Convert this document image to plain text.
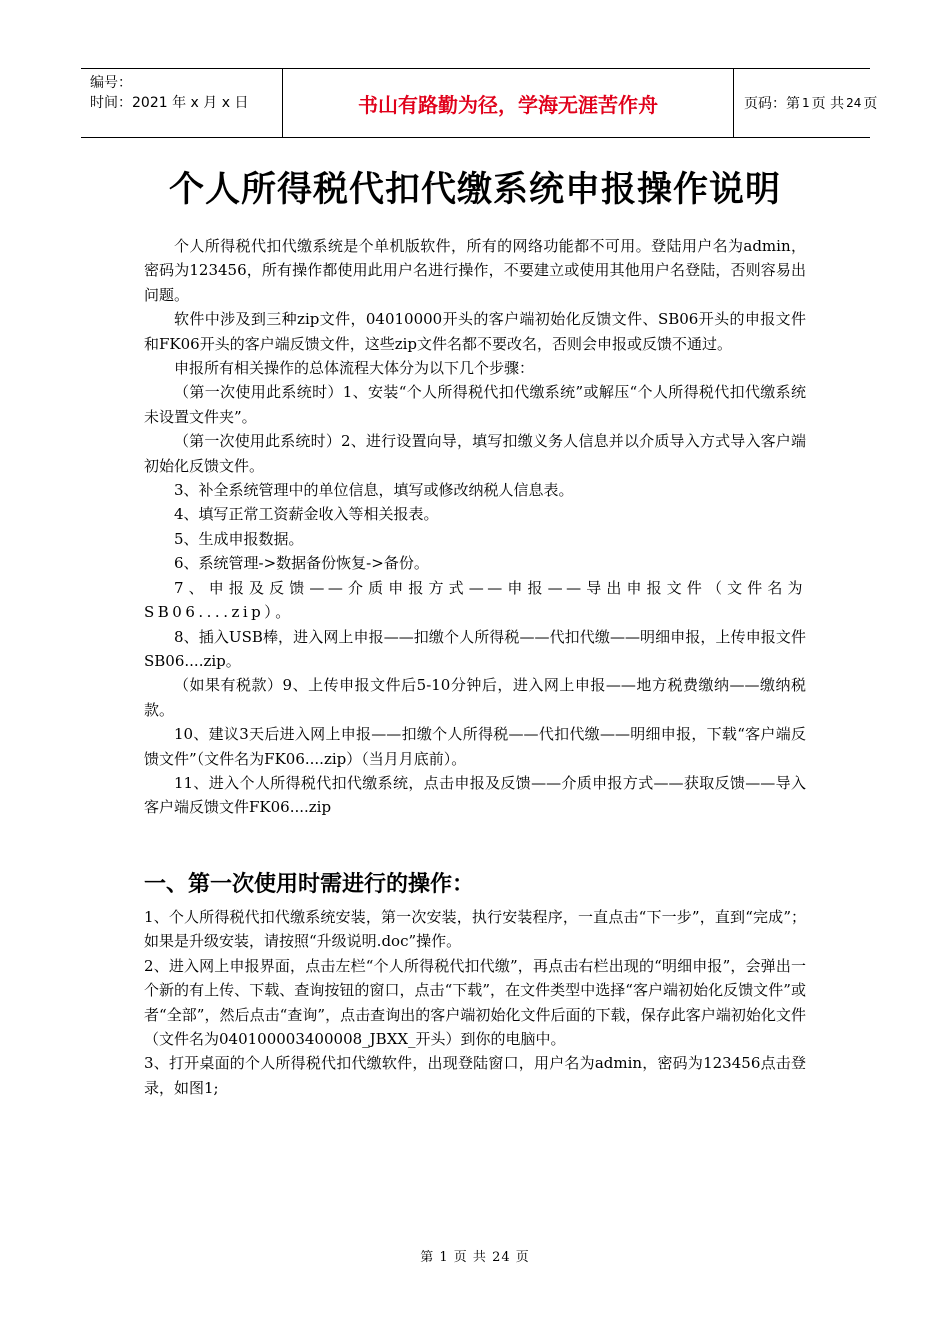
编号：
时间：2021 年 x 月 x 日	书山有路勤为径，学海无涯苦作舟	页码：第 1 页 共 24 页
个人所得税代扣代缴系统申报操作说明

个人所得税代扣代缴系统是个单机版软件，所有的网络功能都不可用。登陆用户名为admin，密码为123456，所有操作都使用此用户名进行操作，不要建立或使用其他用户名登陆，否则容易出问题。

软件中涉及到三种zip文件，04010000开头的客户端初始化反馈文件、SB06开头的申报文件和FK06开头的客户端反馈文件，这些zip文件名都不要改名，否则会申报或反馈不通过。

申报所有相关操作的总体流程大体分为以下几个步骤：

（第一次使用此系统时）1、安装“个人所得税代扣代缴系统”或解压“个人所得税代扣代缴系统未设置文件夹”。

（第一次使用此系统时）2、进行设置向导，填写扣缴义务人信息并以介质导入方式导入客户端初始化反馈文件。

3、补全系统管理中的单位信息，填写或修改纳税人信息表。

4、填写正常工资薪金收入等相关报表。

5、生成申报数据。

6、系统管理->数据备份恢复->备份。

7、申报及反馈——介质申报方式——申报——导出申报文件（文件名为SB06....zip）。

8、插入USB棒，进入网上申报——扣缴个人所得税——代扣代缴——明细申报，上传申报文件SB06....zip。

（如果有税款）9、上传申报文件后5-10分钟后，进入网上申报——地方税费缴纳——缴纳税款。

10、建议3天后进入网上申报——扣缴个人所得税——代扣代缴——明细申报，下载“客户端反馈文件”（文件名为FK06....zip）（当月月底前）。

11、进入个人所得税代扣代缴系统，点击申报及反馈——介质申报方式——获取反馈——导入客户端反馈文件FK06....zip

一、第一次使用时需进行的操作：

1、个人所得税代扣代缴系统安装，第一次安装，执行安装程序，一直点击“下一步”，直到“完成”；如果是升级安装，请按照“升级说明.doc”操作。

2、进入网上申报界面，点击左栏“个人所得税代扣代缴”，再点击右栏出现的“明细申报”，会弹出一个新的有上传、下载、查询按钮的窗口，点击“下载”，在文件类型中选择“客户端初始化反馈文件”或者“全部”，然后点击“查询”，点击查询出的客户端初始化文件后面的下载，保存此客户端初始化文件（文件名为040100003400008_JBXX_开头）到你的电脑中。

3、打开桌面的个人所得税代扣代缴软件，出现登陆窗口，用户名为admin，密码为123456点击登录，如图1;

第 1 页 共 24 页
